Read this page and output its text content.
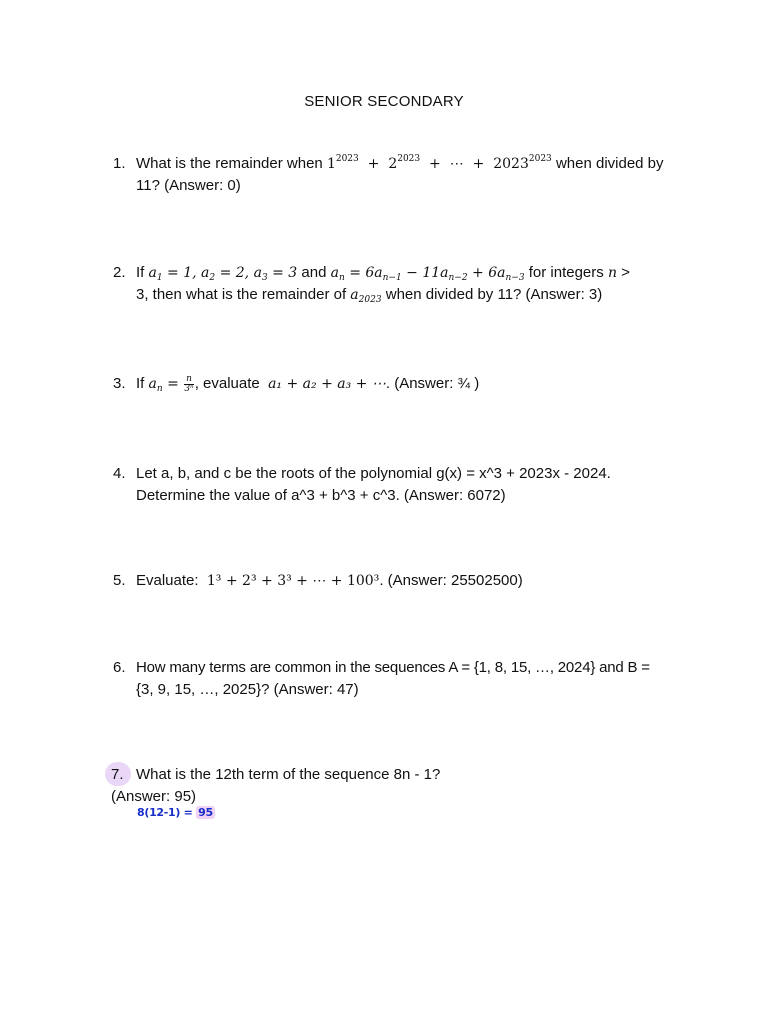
SENIOR SECONDARY
1. What is the remainder when $1^{2023} + 2^{2023}$ + ⋯ + $2023^{2023}$ when divided by
11? (Answer: 0)
2. If $a_1 = 1$, $a_2 = 2$, $a_3 = 3$ and $a_n = 6a_{n-1} - 11a_{n-2} + 6a_{n-3}$ for integers n >
3, then what is the remainder of $a_{2023}$ when divided by 11? (Answer: 3)
3. If $a_n = \frac{n}{\text{3ⁿ}}$ , evaluate a₁ + a₂ + a₃ + ⋯. (Answer: ¾ )
4. Let a, b, and c be the roots of the polynomial g(x) = x^3 + 2023x - 2024.
Determine the value of a^3 + b^3 + c^3. (Answer: 6072)
5. Evaluate: 1³ + 2³ + 3³ + ⋯ + 100³. (Answer: 25502500)
6. How many terms are common in the sequences A = {1, 8, 15, …, 2024} and B =
{3, 9, 15, …, 2025}? (Answer: 47)
7. What is the 12th term of the sequence 8n - 1?
(Answer: 95)
8(12-1) = 95
